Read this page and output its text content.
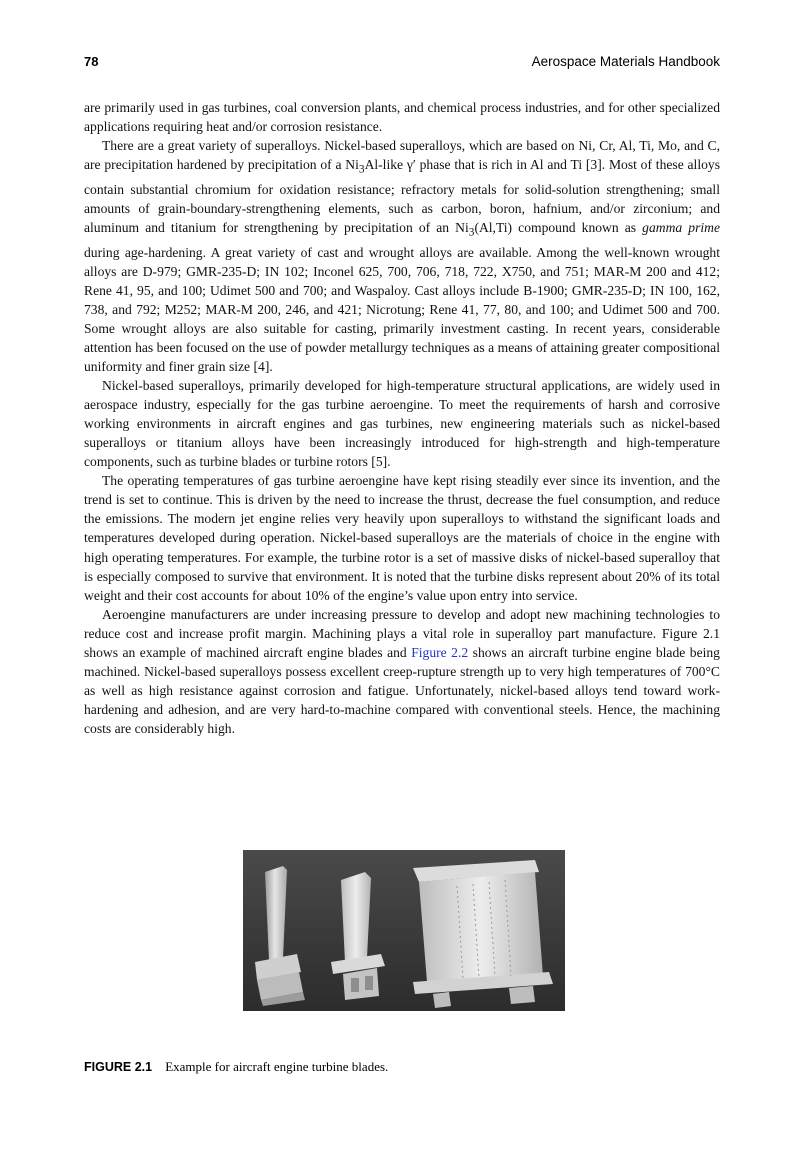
78	Aerospace Materials Handbook

are primarily used in gas turbines, coal conversion plants, and chemical process industries, and for other specialized applications requiring heat and/or corrosion resistance.

There are a great variety of superalloys. Nickel-based superalloys, which are based on Ni, Cr, Al, Ti, Mo, and C, are precipitation hardened by precipitation of a $Ni_3Al$-like γ′ phase that is rich in Al and Ti [3]. Most of these alloys contain substantial chromium for oxidation resistance; refractory metals for solid-solution strengthening; small amounts of grain-boundary-strengthening elements, such as carbon, boron, hafnium, and/or zirconium; and aluminum and titanium for strengthening by precipitation of an $Ni_3(Al,Ti)$ compound known as gamma prime during age-hardening. A great variety of cast and wrought alloys are available. Among the well-known wrought alloys are D-979; GMR-235-D; IN 102; Inconel 625, 700, 706, 718, 722, X750, and 751; MAR-M 200 and 412; Rene 41, 95, and 100; Udimet 500 and 700; and Waspaloy. Cast alloys include B-1900; GMR-235-D; IN 100, 162, 738, and 792; M252; MAR-M 200, 246, and 421; Nicrotung; Rene 41, 77, 80, and 100; and Udimet 500 and 700. Some wrought alloys are also suitable for casting, primarily investment casting. In recent years, considerable attention has been focused on the use of powder metallurgy techniques as a means of attaining greater compositional uniformity and finer grain size [4].

Nickel-based superalloys, primarily developed for high-temperature structural applications, are widely used in aerospace industry, especially for the gas turbine aeroengine. To meet the requirements of harsh and corrosive working environments in aircraft engines and gas turbines, new engineering materials such as nickel-based superalloys or titanium alloys have been increasingly introduced for high-strength and high-temperature components, such as turbine blades or turbine rotors [5].

The operating temperatures of gas turbine aeroengine have kept rising steadily ever since its invention, and the trend is set to continue. This is driven by the need to increase the thrust, decrease the fuel consumption, and reduce the emissions. The modern jet engine relies very heavily upon superalloys to withstand the significant loads and temperatures developed during operation. Nickel-based superalloys are the materials of choice in the engine with high operating temperatures. For example, the turbine rotor is a set of massive disks of nickel-based superalloy that is especially composed to survive that environment. It is noted that the turbine disks represent about 20% of its total weight and their cost accounts for about 10% of the engine’s value upon entry into service.

Aeroengine manufacturers are under increasing pressure to develop and adopt new machining technologies to reduce cost and increase profit margin. Machining plays a vital role in superalloy part manufacture. Figure 2.1 shows an example of machined aircraft engine blades and Figure 2.2 shows an aircraft turbine engine blade being machined. Nickel-based superalloys possess excellent creep-rupture strength up to very high temperatures of 700°C as well as high resistance against corrosion and fatigue. Unfortunately, nickel-based alloys tend toward work-hardening and adhesion, and are very hard-to-machine compared with conventional steels. Hence, the machining costs are considerably high.

FIGURE 2.1 Example for aircraft engine turbine blades.
